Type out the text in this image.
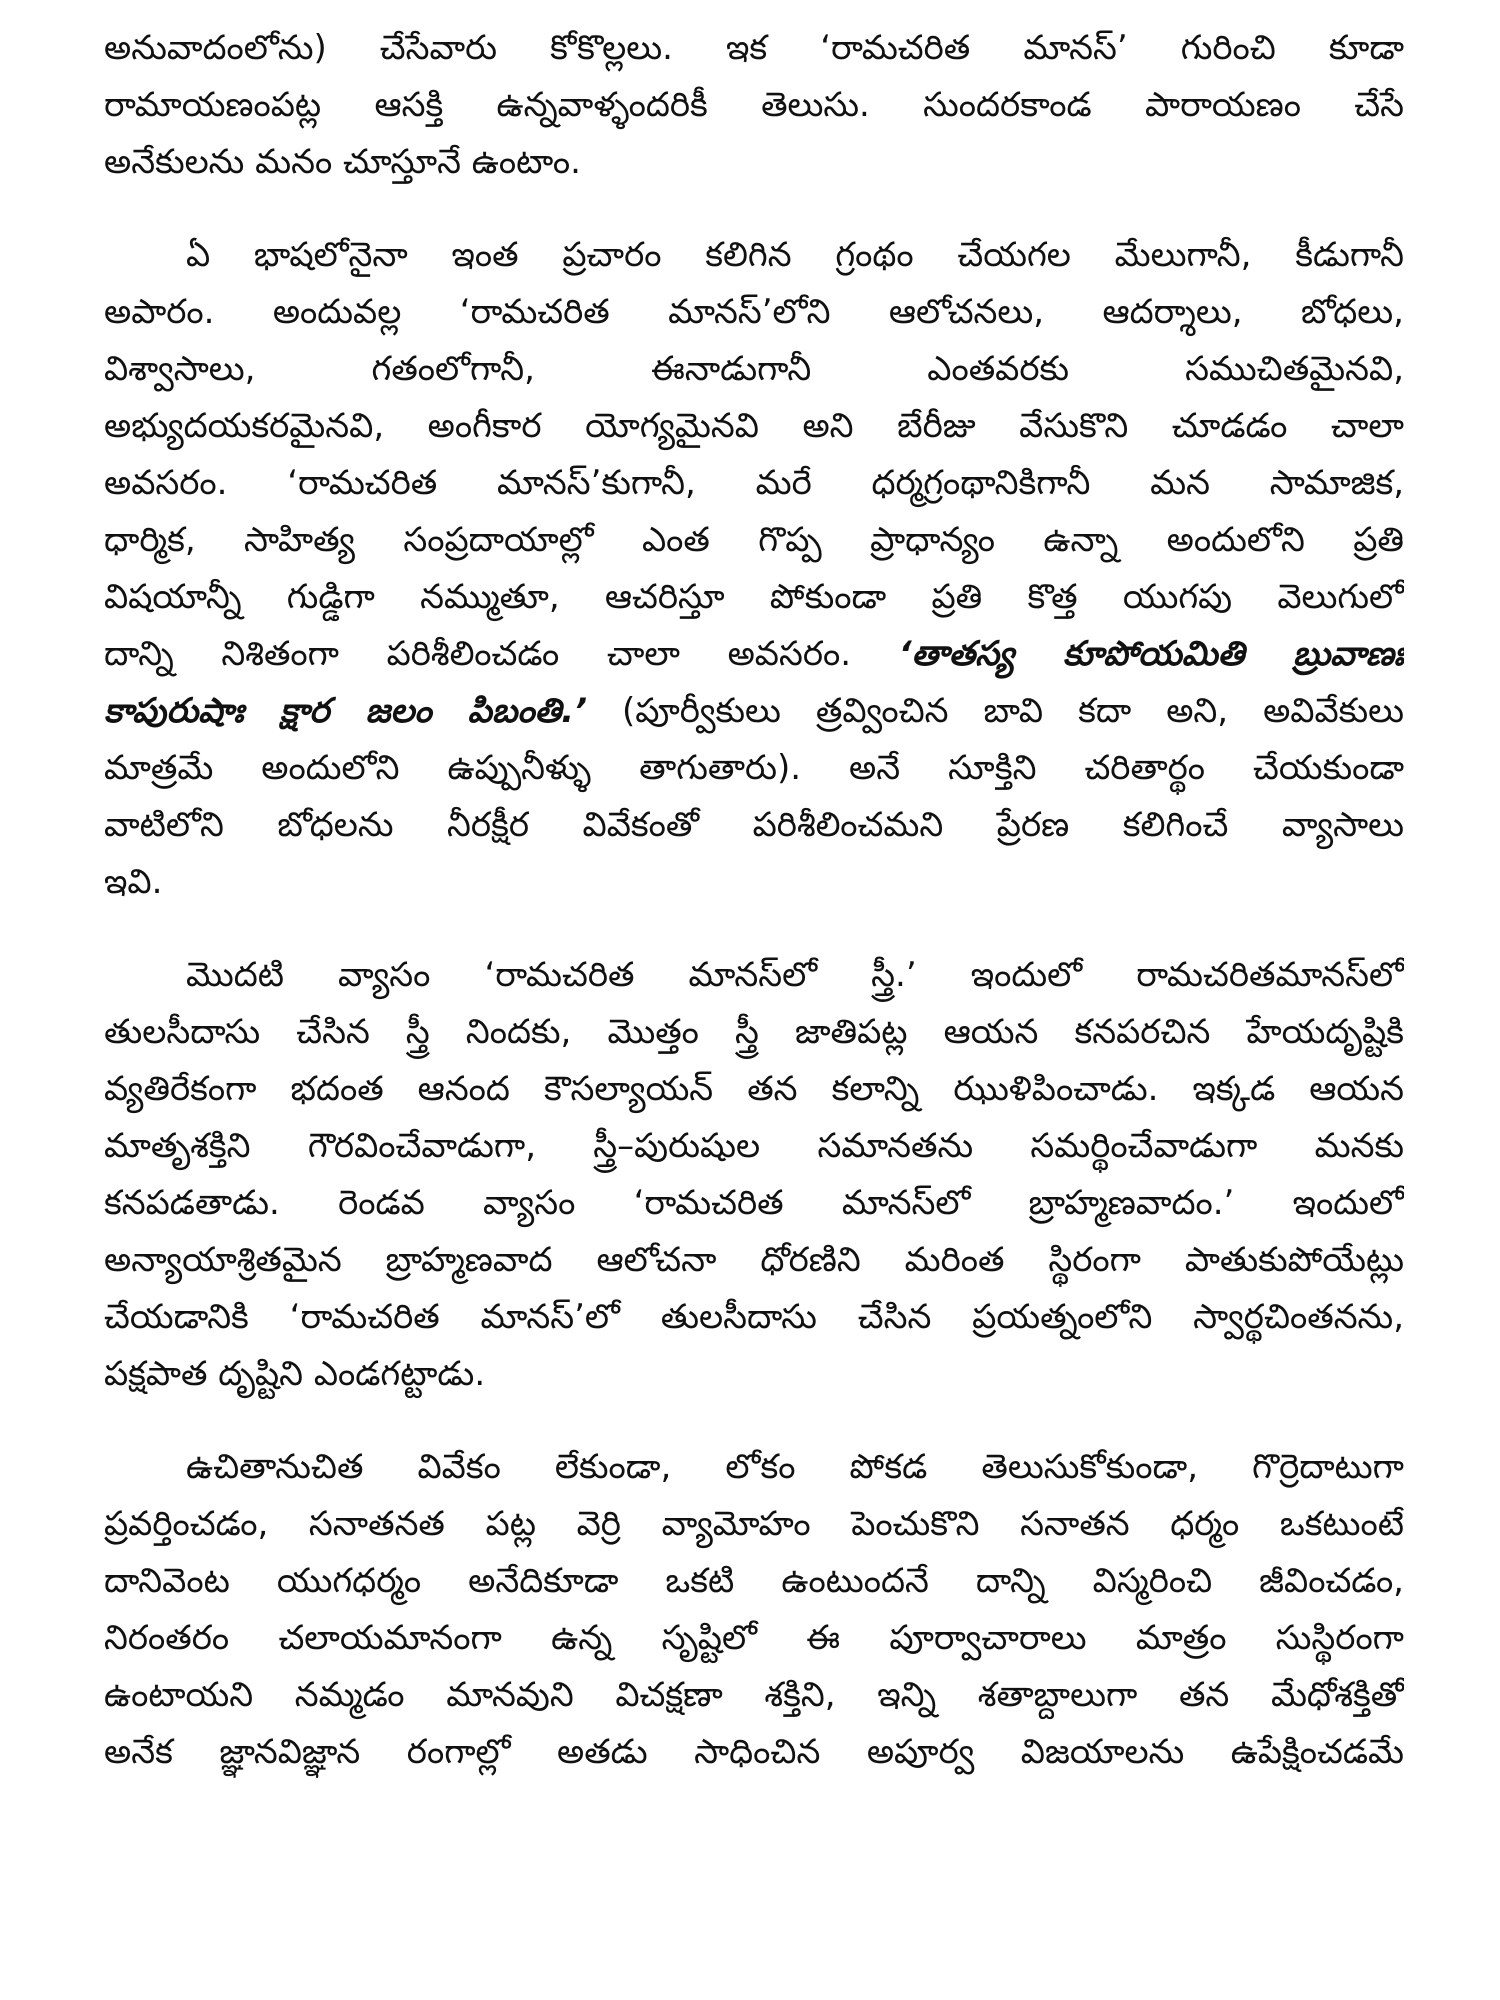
అనువాదంలోను) చేసేవారు కోకొల్లలు. ఇక ‘రామచరిత మానస్’ గురించి కూడా
రామాయణంపట్ల ఆసక్తి ఉన్నవాళ్ళందరికీ తెలుసు. సుందరకాండ పారాయణం చేసే
అనేకులను మనం చూస్తూనే ఉంటాం.
ఏ భాషలోనైనా ఇంత ప్రచారం కలిగిన గ్రంథం చేయగల మేలుగానీ, కీడుగానీ
అపారం. అందువల్ల ‘రామచరిత మానస్’లోని ఆలోచనలు, ఆదర్శాలు, బోధలు,
విశ్వాసాలు, గతంలోగానీ, ఈనాడుగానీ ఎంతవరకు సముచితమైనవి,
అభ్యుదయకరమైనవి, అంగీకార యోగ్యమైనవి అని బేరీజు వేసుకొని చూడడం చాలా
అవసరం. ‘రామచరిత మానస్’కుగానీ, మరే ధర్మగ్రంథానికిగానీ మన సామాజిక,
ధార్మిక, సాహిత్య సంప్రదాయాల్లో ఎంత గొప్ప ప్రాధాన్యం ఉన్నా అందులోని ప్రతి
విషయాన్నీ గుడ్డిగా నమ్ముతూ, ఆచరిస్తూ పోకుండా ప్రతి కొత్త యుగపు వెలుగులో
దాన్ని నిశితంగా పరిశీలించడం చాలా అవసరం. ‘తాతస్య కూపోయమితి బ్రువాణః
కాపురుషాః క్షార జలం పిబంతి.’ (పూర్వీకులు త్రవ్వించిన బావి కదా అని, అవివేకులు
మాత్రమే అందులోని ఉప్పునీళ్ళు తాగుతారు). అనే సూక్తిని చరితార్థం చేయకుండా
వాటిలోని బోధలను నీరక్షీర వివేకంతో పరిశీలించమని ప్రేరణ కలిగించే వ్యాసాలు
ఇవి.
మొదటి వ్యాసం ‘రామచరిత మానస్‌లో స్త్రీ.’ ఇందులో రామచరితమానస్‌లో
తులసీదాసు చేసిన స్త్రీ నిందకు, మొత్తం స్త్రీ జాతిపట్ల ఆయన కనపరచిన హేయదృష్టికి
వ్యతిరేకంగా భదంత ఆనంద కౌసల్యాయన్ తన కలాన్ని ఝుళిపించాడు. ఇక్కడ ఆయన
మాతృశక్తిని గౌరవించేవాడుగా, స్త్రీ–పురుషుల సమానతను సమర్థించేవాడుగా మనకు
కనపడతాడు. రెండవ వ్యాసం ‘రామచరిత మానస్‌లో బ్రాహ్మణవాదం.’ ఇందులో
అన్యాయాశ్రితమైన బ్రాహ్మణవాద ఆలోచనా ధోరణిని మరింత స్థిరంగా పాతుకుపోయేట్లు
చేయడానికి ‘రామచరిత మానస్’లో తులసీదాసు చేసిన ప్రయత్నంలోని స్వార్థచింతనను,
పక్షపాత దృష్టిని ఎండగట్టాడు.
ఉచితానుచిత వివేకం లేకుండా, లోకం పోకడ తెలుసుకోకుండా, గొర్రెదాటుగా
ప్రవర్తించడం, సనాతనత పట్ల వెర్రి వ్యామోహం పెంచుకొని సనాతన ధర్మం ఒకటుంటే
దానివెంట యుగధర్మం అనేదికూడా ఒకటి ఉంటుందనే దాన్ని విస్మరించి జీవించడం,
నిరంతరం చలాయమానంగా ఉన్న సృష్టిలో ఈ పూర్వాచారాలు మాత్రం సుస్థిరంగా
ఉంటాయని నమ్మడం మానవుని విచక్షణా శక్తిని, ఇన్ని శతాబ్దాలుగా తన మేధోశక్తితో
అనేక జ్ఞానవిజ్ఞాన రంగాల్లో అతడు సాధించిన అపూర్వ విజయాలను ఉపేక్షించడమే
